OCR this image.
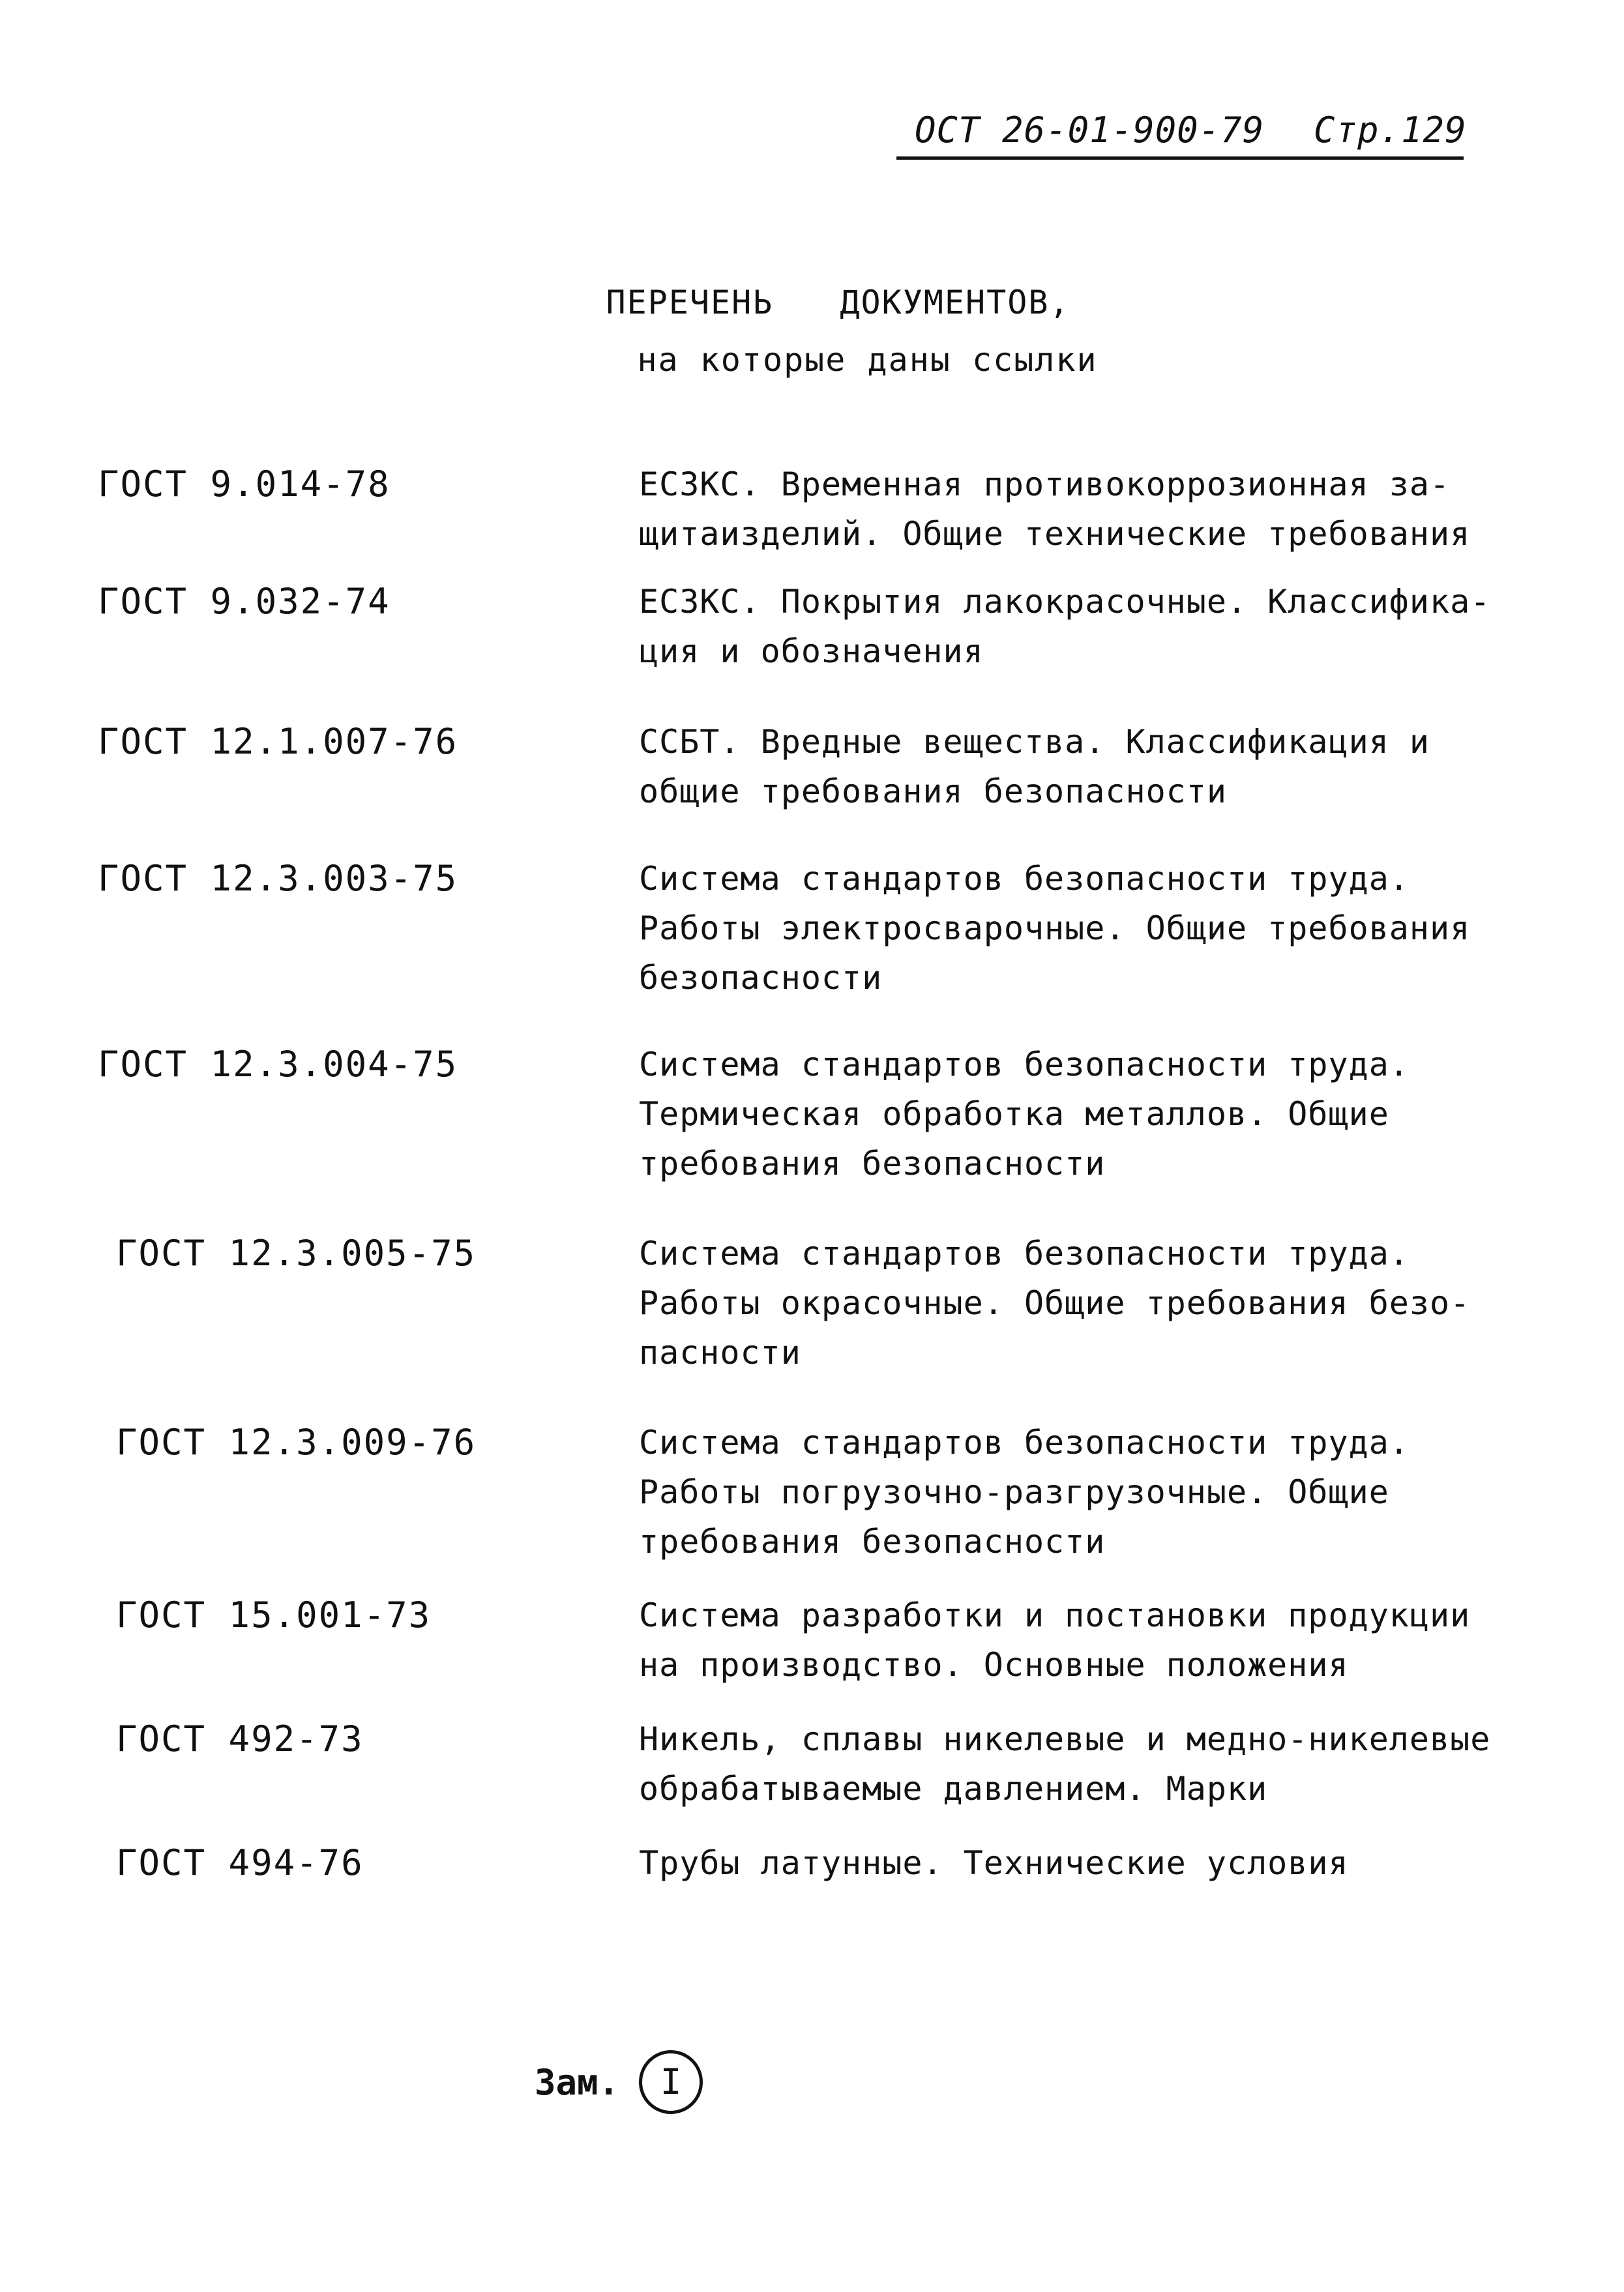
ОСТ 26-01-900-79 Стр.129
ПЕРЕЧЕНЬ ДОКУМЕНТОВ,
на которые даны ссылки
ГОСТ 9.014-78	ЕСЗКС. Временная противокоррозионная за-
щитаизделий. Общие технические требования
ГОСТ 9.032-74	ЕСЗКС. Покрытия лакокрасочные. Классифика-
ция и обозначения
ГОСТ 12.1.007-76	ССБТ. Вредные вещества. Классификация и
общие требования безопасности
ГОСТ 12.3.003-75	Система стандартов безопасности труда.
Работы электросварочные. Общие требования
безопасности
ГОСТ 12.3.004-75	Система стандартов безопасности труда.
Термическая обработка металлов. Общие
требования безопасности
ГОСТ 12.3.005-75	Система стандартов безопасности труда.
Работы окрасочные. Общие требования безо-
пасности
ГОСТ 12.3.009-76	Система стандартов безопасности труда.
Работы погрузочно-разгрузочные. Общие
требования безопасности
ГОСТ 15.001-73	Система разработки и постановки продукции
на производство. Основные положения
ГОСТ 492-73	Никель, сплавы никелевые и медно-никелевые
обрабатываемые давлением. Марки
ГОСТ 494-76	Трубы латунные. Технические условия
Зам.	I
